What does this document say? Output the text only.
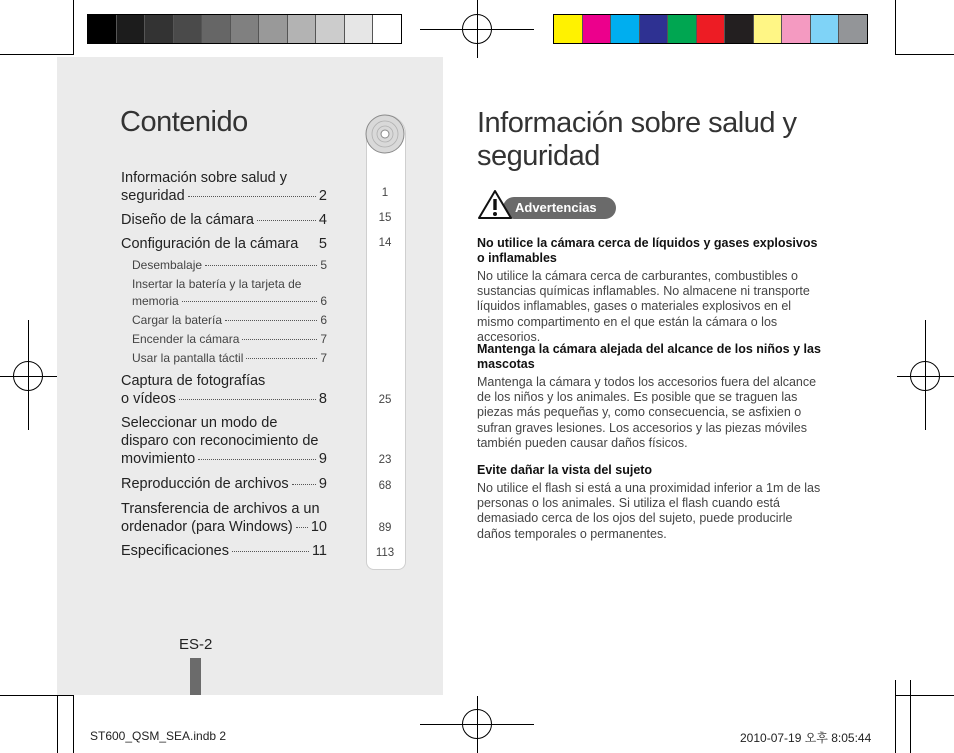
Contenido
Información sobre salud y
seguridad	2
Diseño de la cámara	4
Configuración de la cámara 5
Desembalaje	5
Insertar la batería y la tarjeta de
memoria	6
Cargar la batería	6
Encender la cámara	7
Usar la pantalla táctil	7
Captura de fotografías
o vídeos	8
Seleccionar un modo de
disparo con reconocimiento de
movimiento	9
Reproducción de archivos 9
Transferencia de archivos a un
ordenador (para Windows) 10
Especificaciones	11
1
15
14
25
23
68
89
113
ES-2
Información sobre salud y seguridad
Advertencias
No utilice la cámara cerca de líquidos y gases explosivos o inflamables
No utilice la cámara cerca de carburantes, combustibles o sustancias químicas inflamables. No almacene ni transporte líquidos inflamables, gases o materiales explosivos en el mismo compartimento en el que están la cámara o los accesorios.
Mantenga la cámara alejada del alcance de los niños y las mascotas
Mantenga la cámara y todos los accesorios fuera del alcance de los niños y los animales. Es posible que se traguen las piezas más pequeñas y, como consecuencia, se asfixien o sufran graves lesiones. Los accesorios y las piezas móviles también pueden causar daños físicos.
Evite dañar la vista del sujeto
No utilice el flash si está a una proximidad inferior a 1m de las personas o los animales. Si utiliza el flash cuando está demasiado cerca de los ojos del sujeto, puede producirle daños temporales o permanentes.
ST600_QSM_SEA.indb 2	2010-07-19 오후 8:05:44
